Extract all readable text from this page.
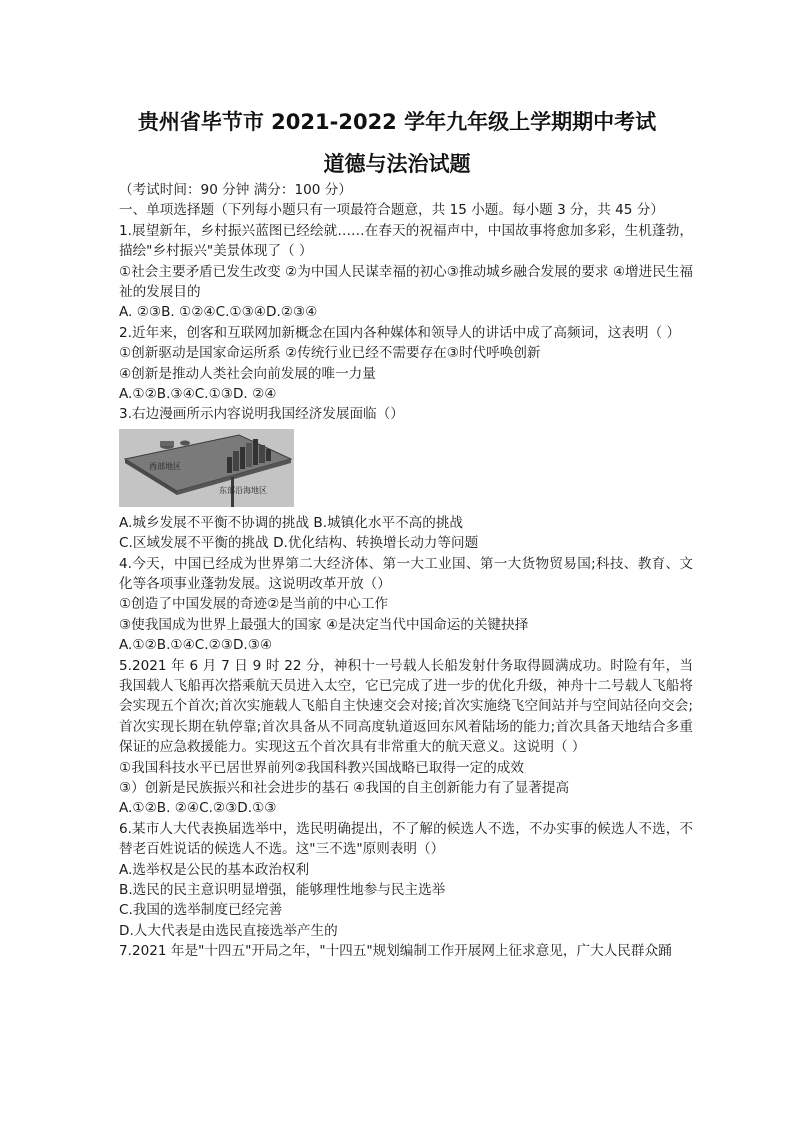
贵州省毕节市 2021-2022 学年九年级上学期期中考试
道德与法治试题
（考试时间：90 分钟 满分：100 分）
一、单项选择题（下列每小题只有一项最符合题意，共 15 小题。每小题 3 分，共 45 分）
1.展望新年，乡村振兴蓝图已经绘就……在春天的祝福声中，中国故事将愈加多彩，生机蓬勃，描绘"乡村振兴"美景体现了（ ）
①社会主要矛盾已发生改变 ②为中国人民谋幸福的初心③推动城乡融合发展的要求 ④增进民生福祉的发展目的
A. ②③B. ①②④C.①③④D.②③④
2.近年来，创客和互联网加新概念在国内各种媒体和领导人的讲话中成了高频词，这表明（ ）
①创新驱动是国家命运所系 ②传统行业已经不需要存在③时代呼唤创新
④创新是推动人类社会向前发展的唯一力量
A.①②B.③④C.①③D. ②④
3.右边漫画所示内容说明我国经济发展面临（）
西部地区
东部沿海地区
A.城乡发展不平衡不协调的挑战 B.城镇化水平不高的挑战
C.区域发展不平衡的挑战 D.优化结构、转换增长动力等问题
4.今天，中国已经成为世界第二大经济体、第一大工业国、第一大货物贸易国;科技、教育、文化等各项事业蓬勃发展。这说明改革开放（）
①创造了中国发展的奇迹②是当前的中心工作
③使我国成为世界上最强大的国家 ④是决定当代中国命运的关键抉择
A.①②B.①④C.②③D.③④
5.2021 年 6 月 7 日 9 时 22 分，神积十一号载人长船发射什务取得圆满成功。时险有年，当我国载人飞船再次搭乘航天员进入太空，它已完成了进一步的优化升级，神舟十二号载人飞船将会实现五个首次;首次实施载人飞船自主快速交会对接;首次实施绕飞空间站并与空间站径向交会;首次实现长期在轨停靠;首次具备从不同高度轨道返回东风着陆场的能力;首次具备天地结合多重保证的应急救援能力。实现这五个首次具有非常重大的航天意义。这说明（ ）
①我国科技水平已居世界前列②我国科教兴国战略已取得一定的成效
③）创新是民族振兴和社会进步的基石 ④我国的自主创新能力有了显著提高
A.①②B. ②④C.②③D.①③
6.某市人大代表换届选举中，选民明确提出，不了解的候选人不选，不办实事的候选人不选，不替老百姓说话的候选人不选。这"三不选"原则表明（）
A.选举权是公民的基本政治权利
B.选民的民主意识明显增强，能够理性地参与民主选举
C.我国的选举制度已经完善
D.人大代表是由选民直接选举产生的
7.2021 年是"十四五"开局之年，"十四五"规划编制工作开展网上征求意见，广大人民群众踊
